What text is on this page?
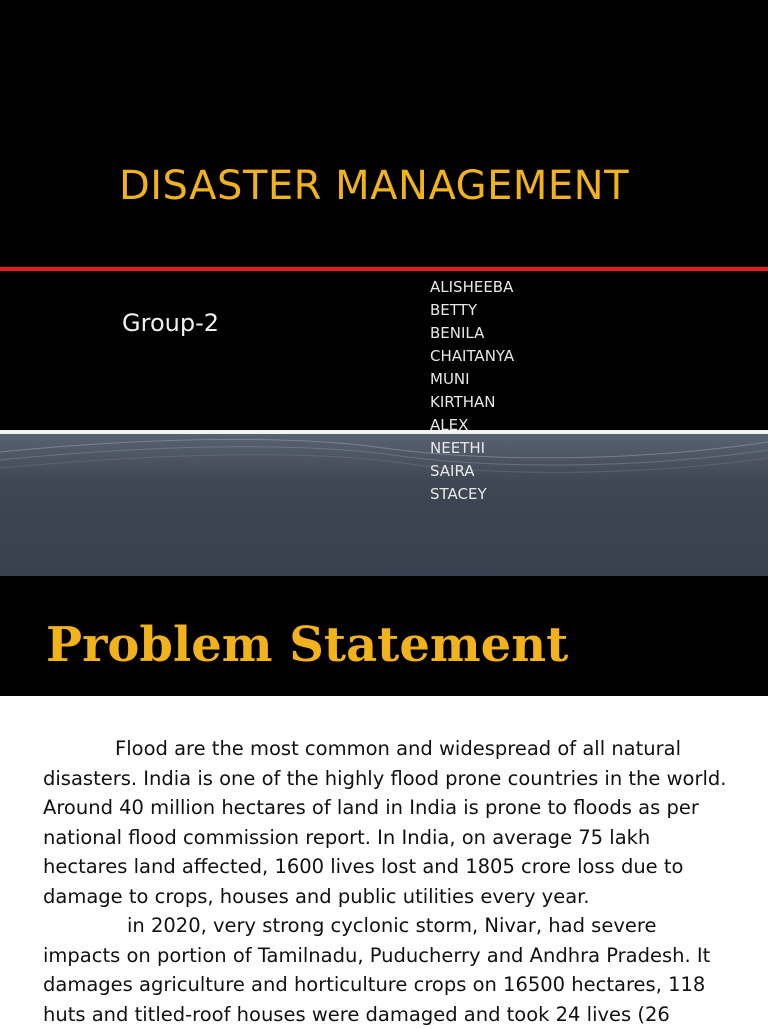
DISASTER MANAGEMENT
Group-2
ALISHEEBA
BETTY
BENILA
CHAITANYA
MUNI
KIRTHAN
ALEX
NEETHI
SAIRA
STACEY
Problem Statement

Flood are the most common and widespread of all natural disasters. India is one of the highly flood prone countries in the world. Around 40 million hectares of land in India is prone to floods as per national flood commission report. In India, on average 75 lakh hectares land affected, 1600 lives lost and 1805 crore loss due to damage to crops, houses and public utilities every year.

in 2020, very strong cyclonic storm, Nivar, had severe impacts on portion of Tamilnadu, Puducherry and Andhra Pradesh. It damages agriculture and horticulture crops on 16500 hectares, 118 huts and titled-roof houses were damaged and took 24 lives (26
